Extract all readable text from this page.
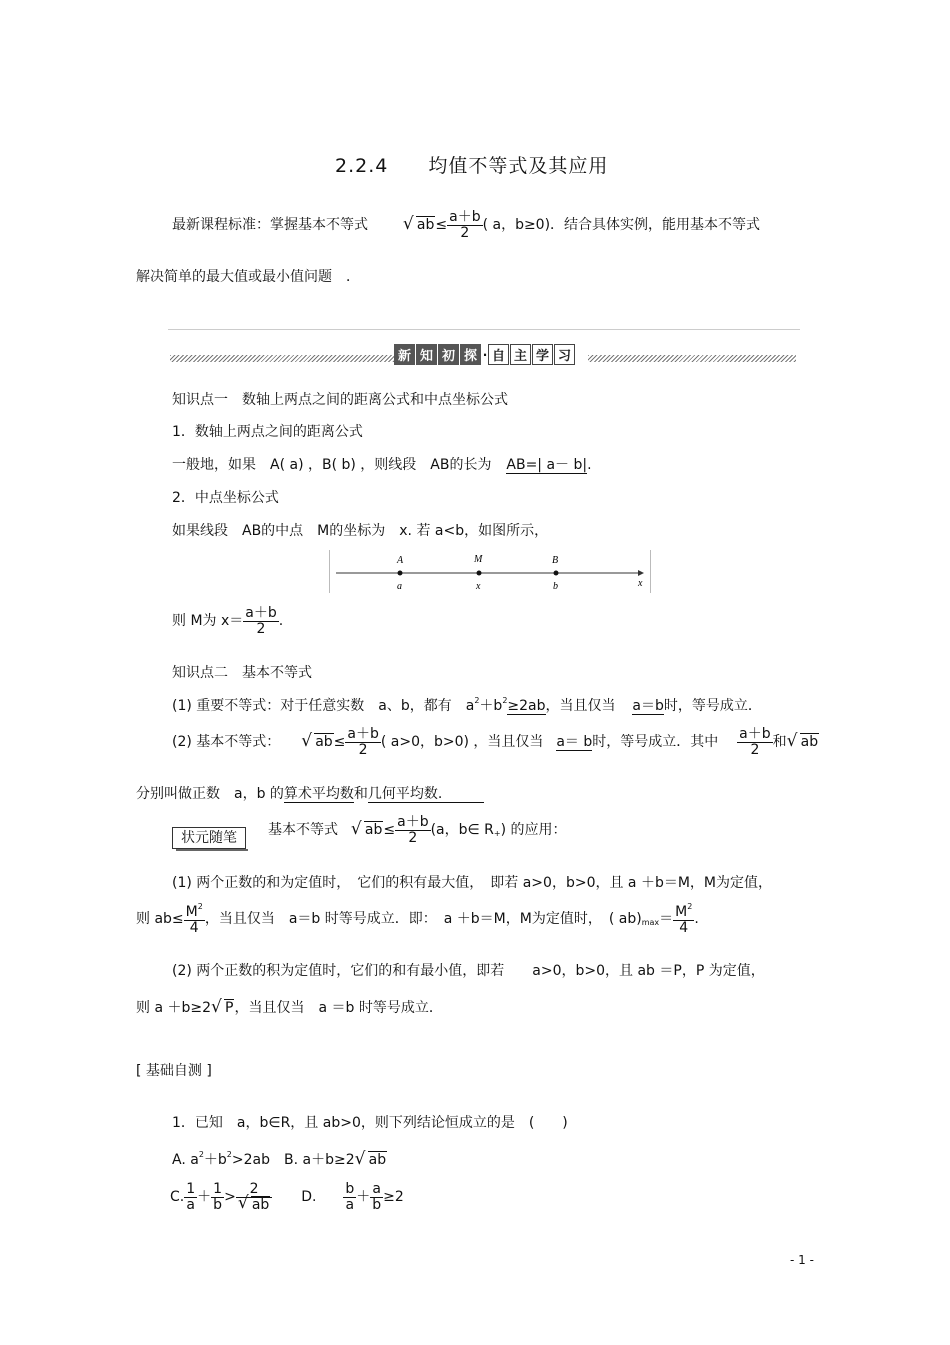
2.2.4　　均值不等式及其应用
最新课程标准：掌握基本不等式	√ $ab\le \frac{a+b}{2}$ ( a，b≥0)．结合具体实例，能用基本不等式
解决简单的最大值或最小值问题　．
新 知 初 探 · 自 主 学 习
知识点一　数轴上两点之间的距离公式和中点坐标公式
1．数轴上两点之间的距离公式
一般地，如果　A( a) ，B( b) ，则线段　AB的长为 AB=| a－ b|.
2．中点坐标公式
如果线段　AB的中点　M的坐标为　x. 若 a<b，如图所示，
A	M	B
a	x	b	x
则 M为 $x= \frac{a+b}{2}$ .
知识点二　基本不等式
(1) 重要不等式：对于任意实数　a、b，都有　$a^2+b^2\ge 2ab$，当且仅当 a＝b时，等号成立．
(2) 基本不等式： √ $ab\le \frac{a+b}{2}$ ( a>0，b>0) ，当且仅当 a＝ b时，等号成立．其中 $\frac{a+b}{2}$ 和 √ ab
分别叫做正数　a，b 的算术平均数和几何平均数.　　　
状元随笔	基本不等式 √ $ab\le \frac{a+b}{2} (a$，b∈ $R_+$) 的应用：
(1) 两个正数的和为定值时，　它们的积有最大值，　即若 a>0，b>0，且 a ＋b＝M，M为定值，
则 $ab\le \frac{M^2}{4}$ ，当且仅当　a＝b 时等号成立．即：　a ＋b＝M，M为定值时，　( $ab)_{max}= \frac{M^2}{4}$ .
(2) 两个正数的积为定值时，它们的和有最小值，即若　　a>0，b>0，且 ab ＝P，P 为定值，
则 a ＋b≥2 √ P，当且仅当　a ＝b 时等号成立．
[ 基础自测 ]
1．已知　a，b∈R，且 ab>0，则下列结论恒成立的是　(　　)
A. $a^2+b^2>2ab$　B. a＋b≥2 √ ab
C. $\frac{1}{a} + \frac{1}{b} > 2$
√ ab D. $\frac{b}{a} + \frac{a}{b} \ge 2$
- 1 -
